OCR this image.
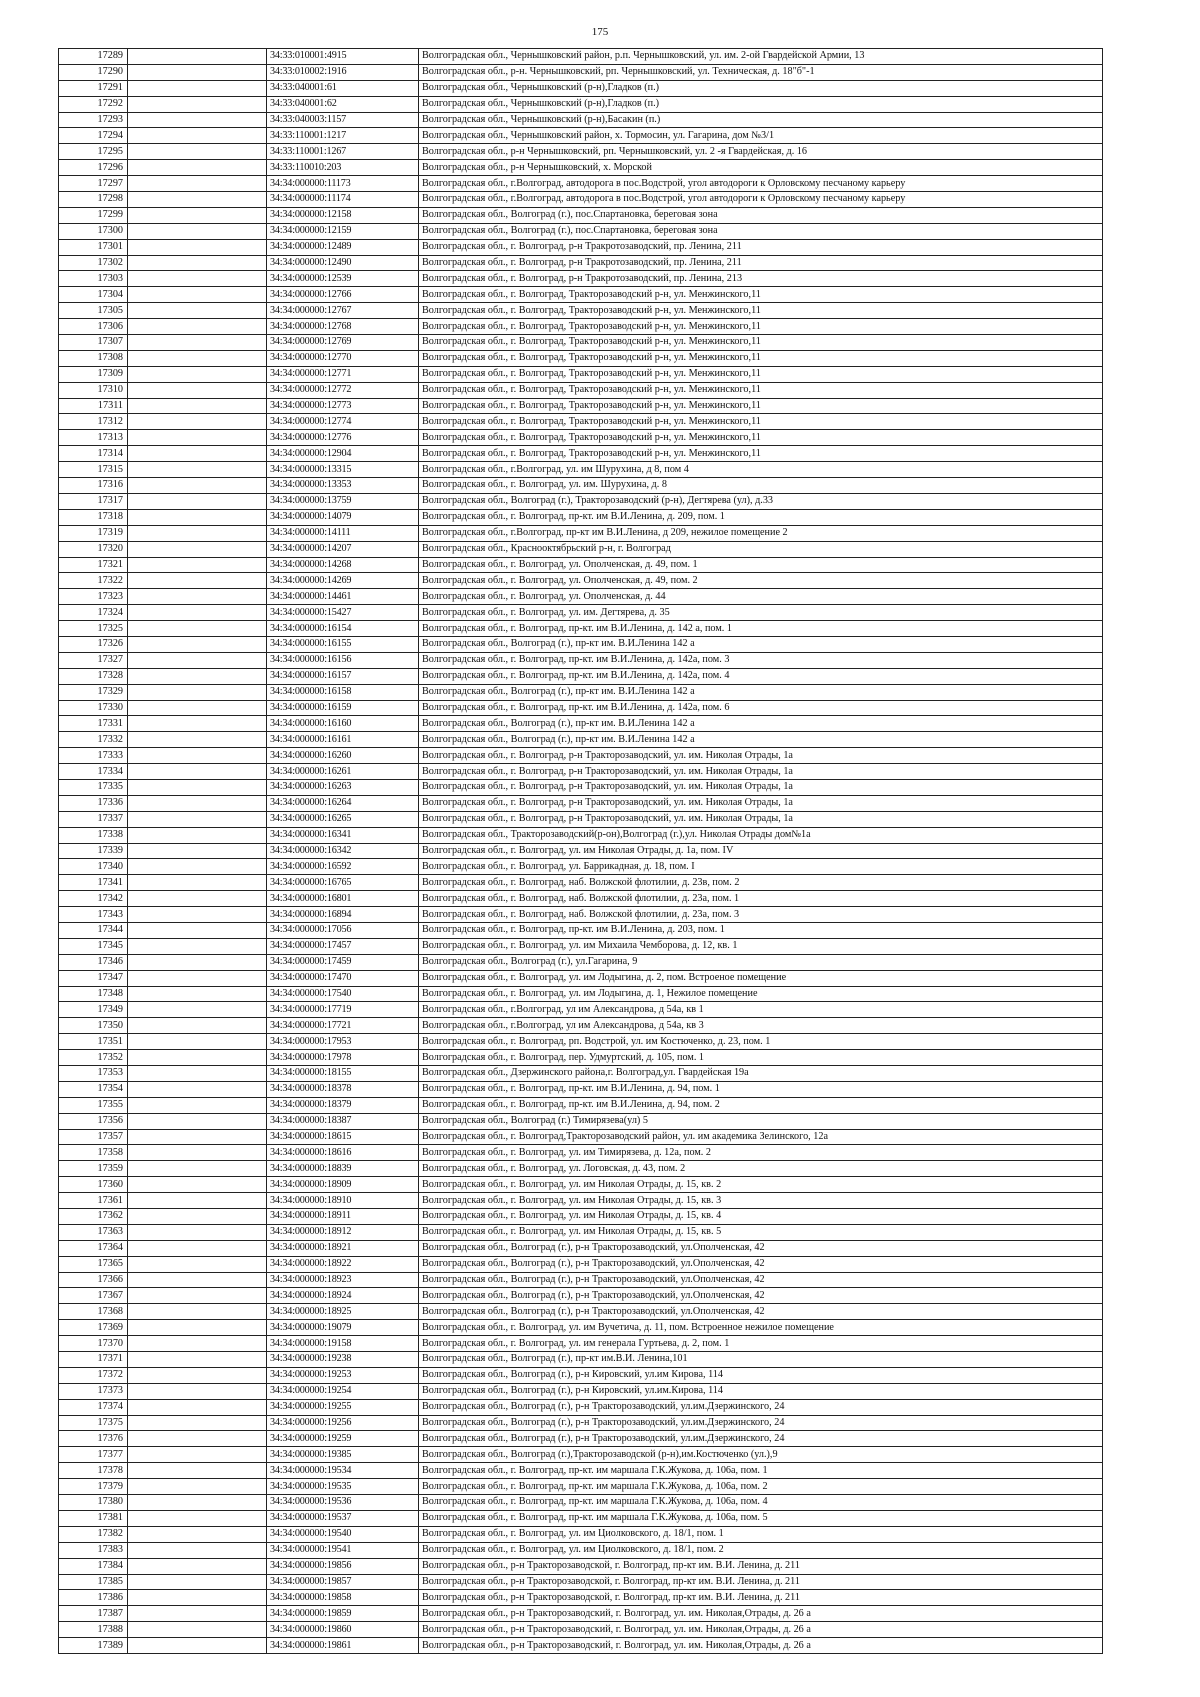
175
17289		34:33:010001:4915	Волгоградская обл., Чернышковский район, р.п. Чернышковский, ул. им. 2-ой Гвардейской Армии, 13
17290		34:33:010002:1916	Волгоградская обл., р-н. Чернышковский, рп. Чернышковский, ул. Техническая, д. 18"б"-1
17291		34:33:040001:61	Волгоградская обл., Чернышковский (р-н),Гладков (п.)
17292		34:33:040001:62	Волгоградская обл., Чернышковский (р-н),Гладков (п.)
17293		34:33:040003:1157	Волгоградская обл., Чернышковский (р-н),Басакин (п.)
17294		34:33:110001:1217	Волгоградская обл., Чернышковский район, х. Тормосин, ул. Гагарина, дом №3/1
17295		34:33:110001:1267	Волгоградская обл., р-н Чернышковский, рп. Чернышковский, ул. 2 -я Гвардейская, д. 16
17296		34:33:110010:203	Волгоградская обл., р-н Чернышковский, х. Морской
17297		34:34:000000:11173	Волгоградская обл., г.Волгоград, автодорога в пос.Водстрой, угол автодороги к Орловскому песчаному карьеру
17298		34:34:000000:11174	Волгоградская обл., г.Волгоград, автодорога в пос.Водстрой, угол автодороги к Орловскому песчаному карьеру
17299		34:34:000000:12158	Волгоградская обл., Волгоград (г.), пос.Спартановка, береговая зона
17300		34:34:000000:12159	Волгоградская обл., Волгоград (г.), пос.Спартановка, береговая зона
17301		34:34:000000:12489	Волгоградская обл., г. Волгоград, р-н Тракротозаводский, пр. Ленина, 211
17302		34:34:000000:12490	Волгоградская обл., г. Волгоград, р-н Тракротозаводский, пр. Ленина, 211
17303		34:34:000000:12539	Волгоградская обл., г. Волгоград, р-н Тракротозаводский, пр. Ленина, 213
17304		34:34:000000:12766	Волгоградская обл., г. Волгоград, Тракторозаводский р-н, ул. Менжинского,11
17305		34:34:000000:12767	Волгоградская обл., г. Волгоград, Тракторозаводский р-н, ул. Менжинского,11
17306		34:34:000000:12768	Волгоградская обл., г. Волгоград, Тракторозаводский р-н, ул. Менжинского,11
17307		34:34:000000:12769	Волгоградская обл., г. Волгоград, Тракторозаводский р-н, ул. Менжинского,11
17308		34:34:000000:12770	Волгоградская обл., г. Волгоград, Тракторозаводский р-н, ул. Менжинского,11
17309		34:34:000000:12771	Волгоградская обл., г. Волгоград, Тракторозаводский р-н, ул. Менжинского,11
17310		34:34:000000:12772	Волгоградская обл., г. Волгоград, Тракторозаводский р-н, ул. Менжинского,11
17311		34:34:000000:12773	Волгоградская обл., г. Волгоград, Тракторозаводский р-н, ул. Менжинского,11
17312		34:34:000000:12774	Волгоградская обл., г. Волгоград, Тракторозаводский р-н, ул. Менжинского,11
17313		34:34:000000:12776	Волгоградская обл., г. Волгоград, Тракторозаводский р-н, ул. Менжинского,11
17314		34:34:000000:12904	Волгоградская обл., г. Волгоград, Тракторозаводский р-н, ул. Менжинского,11
17315		34:34:000000:13315	Волгоградская обл., г.Волгоград, ул. им Шурухина, д 8, пом 4
17316		34:34:000000:13353	Волгоградская обл., г. Волгоград, ул. им. Шурухина, д. 8
17317		34:34:000000:13759	Волгоградская обл., Волгоград (г.), Тракторозаводский (р-н), Дегтярева (ул), д.33
17318		34:34:000000:14079	Волгоградская обл., г. Волгоград, пр-кт. им В.И.Ленина, д. 209, пом. 1
17319		34:34:000000:14111	Волгоградская обл., г.Волгоград, пр-кт им В.И.Ленина, д 209, нежилое помещение 2
17320		34:34:000000:14207	Волгоградская обл., Краснооктябрьский р-н, г. Волгоград
17321		34:34:000000:14268	Волгоградская обл., г. Волгоград, ул. Ополченская, д. 49, пом. 1
17322		34:34:000000:14269	Волгоградская обл., г. Волгоград, ул. Ополченская, д. 49, пом. 2
17323		34:34:000000:14461	Волгоградская обл., г. Волгоград, ул. Ополченская, д. 44
17324		34:34:000000:15427	Волгоградская обл., г. Волгоград, ул. им. Дегтярева, д. 35
17325		34:34:000000:16154	Волгоградская обл., г. Волгоград, пр-кт. им В.И.Ленина, д. 142 а, пом. 1
17326		34:34:000000:16155	Волгоградская обл., Волгоград (г.), пр-кт им. В.И.Ленина 142 а
17327		34:34:000000:16156	Волгоградская обл., г. Волгоград, пр-кт. им В.И.Ленина, д. 142а, пом. 3
17328		34:34:000000:16157	Волгоградская обл., г. Волгоград, пр-кт. им В.И.Ленина, д. 142а, пом. 4
17329		34:34:000000:16158	Волгоградская обл., Волгоград (г.), пр-кт им. В.И.Ленина 142 а
17330		34:34:000000:16159	Волгоградская обл., г. Волгоград, пр-кт. им В.И.Ленина, д. 142а, пом. 6
17331		34:34:000000:16160	Волгоградская обл., Волгоград (г.), пр-кт им. В.И.Ленина 142 а
17332		34:34:000000:16161	Волгоградская обл., Волгоград (г.), пр-кт им. В.И.Ленина 142 а
17333		34:34:000000:16260	Волгоградская обл., г. Волгоград, р-н Тракторозаводский, ул. им. Николая Отрады, 1а
17334		34:34:000000:16261	Волгоградская обл., г. Волгоград, р-н Тракторозаводский, ул. им. Николая Отрады, 1а
17335		34:34:000000:16263	Волгоградская обл., г. Волгоград, р-н Тракторозаводский, ул. им. Николая Отрады, 1а
17336		34:34:000000:16264	Волгоградская обл., г. Волгоград, р-н Тракторозаводский, ул. им. Николая Отрады, 1а
17337		34:34:000000:16265	Волгоградская обл., г. Волгоград, р-н Тракторозаводский, ул. им. Николая Отрады, 1а
17338		34:34:000000:16341	Волгоградская обл., Тракторозаводский(р-он),Волгоград (г.),ул. Николая Отрады дом№1а
17339		34:34:000000:16342	Волгоградская обл., г. Волгоград, ул. им Николая Отрады, д. 1а, пом. IV
17340		34:34:000000:16592	Волгоградская обл., г. Волгоград, ул. Баррикадная, д. 18, пом. I
17341		34:34:000000:16765	Волгоградская обл., г. Волгоград, наб. Волжской флотилии, д. 23в, пом. 2
17342		34:34:000000:16801	Волгоградская обл., г. Волгоград, наб. Волжской флотилии, д. 23а, пом. 1
17343		34:34:000000:16894	Волгоградская обл., г. Волгоград, наб. Волжской флотилии, д. 23а, пом. 3
17344		34:34:000000:17056	Волгоградская обл., г. Волгоград, пр-кт. им В.И.Ленина, д. 203, пом. 1
17345		34:34:000000:17457	Волгоградская обл., г. Волгоград, ул. им Михаила Чемборова, д. 12, кв. 1
17346		34:34:000000:17459	Волгоградская обл., Волгоград (г.), ул.Гагарина, 9
17347		34:34:000000:17470	Волгоградская обл., г. Волгоград, ул. им Лодыгина, д. 2, пом. Встроеное помещение
17348		34:34:000000:17540	Волгоградская обл., г. Волгоград, ул. им Лодыгина, д. 1, Нежилое помещение
17349		34:34:000000:17719	Волгоградская обл., г.Волгоград, ул им Александрова, д 54а, кв 1
17350		34:34:000000:17721	Волгоградская обл., г.Волгоград, ул им Александрова, д 54а, кв 3
17351		34:34:000000:17953	Волгоградская обл., г. Волгоград, рп. Водстрой, ул. им Костюченко, д. 23, пом. 1
17352		34:34:000000:17978	Волгоградская обл., г. Волгоград, пер. Удмуртский, д. 105, пом. 1
17353		34:34:000000:18155	Волгоградская обл., Дзержинского района,г. Волгоград,ул. Гвардейская 19а
17354		34:34:000000:18378	Волгоградская обл., г. Волгоград, пр-кт. им В.И.Ленина, д. 94, пом. 1
17355		34:34:000000:18379	Волгоградская обл., г. Волгоград, пр-кт. им В.И.Ленина, д. 94, пом. 2
17356		34:34:000000:18387	Волгоградская обл., Волгоград (г.) Тимирязева(ул) 5
17357		34:34:000000:18615	Волгоградская обл., г. Волгоград,Тракторозаводский район, ул. им академика Зелинского, 12а
17358		34:34:000000:18616	Волгоградская обл., г. Волгоград, ул. им Тимирязева, д. 12а, пом. 2
17359		34:34:000000:18839	Волгоградская обл., г. Волгоград, ул. Логовская, д. 43, пом. 2
17360		34:34:000000:18909	Волгоградская обл., г. Волгоград, ул. им Николая Отрады, д. 15, кв. 2
17361		34:34:000000:18910	Волгоградская обл., г. Волгоград, ул. им Николая Отрады, д. 15, кв. 3
17362		34:34:000000:18911	Волгоградская обл., г. Волгоград, ул. им Николая Отрады, д. 15, кв. 4
17363		34:34:000000:18912	Волгоградская обл., г. Волгоград, ул. им Николая Отрады, д. 15, кв. 5
17364		34:34:000000:18921	Волгоградская обл., Волгоград (г.), р-н Тракторозаводский, ул.Ополченская, 42
17365		34:34:000000:18922	Волгоградская обл., Волгоград (г.), р-н Тракторозаводский, ул.Ополченская, 42
17366		34:34:000000:18923	Волгоградская обл., Волгоград (г.), р-н Тракторозаводский, ул.Ополченская, 42
17367		34:34:000000:18924	Волгоградская обл., Волгоград (г.), р-н Тракторозаводский, ул.Ополченская, 42
17368		34:34:000000:18925	Волгоградская обл., Волгоград (г.), р-н Тракторозаводский, ул.Ополченская, 42
17369		34:34:000000:19079	Волгоградская обл., г. Волгоград, ул. им Вучетича, д. 11, пом. Встроенное нежилое помещение
17370		34:34:000000:19158	Волгоградская обл., г. Волгоград, ул. им генерала Гуртьева, д. 2, пом. 1
17371		34:34:000000:19238	Волгоградская обл., Волгоград (г.), пр-кт им.В.И. Ленина,101
17372		34:34:000000:19253	Волгоградская обл., Волгоград (г.), р-н Кировский, ул.им Кирова, 114
17373		34:34:000000:19254	Волгоградская обл., Волгоград (г.), р-н Кировский, ул.им.Кирова, 114
17374		34:34:000000:19255	Волгоградская обл., Волгоград (г.), р-н Тракторозаводский, ул.им.Дзержинского, 24
17375		34:34:000000:19256	Волгоградская обл., Волгоград (г.), р-н Тракторозаводский, ул.им.Дзержинского, 24
17376		34:34:000000:19259	Волгоградская обл., Волгоград (г.), р-н Тракторозаводский, ул.им.Дзержинского, 24
17377		34:34:000000:19385	Волгоградская обл., Волгоград (г.),Тракторозаводской (р-н),им.Костюченко (ул.),9
17378		34:34:000000:19534	Волгоградская обл., г. Волгоград, пр-кт. им маршала Г.К.Жукова, д. 106а, пом. 1
17379		34:34:000000:19535	Волгоградская обл., г. Волгоград, пр-кт. им маршала Г.К.Жукова, д. 106а, пом. 2
17380		34:34:000000:19536	Волгоградская обл., г. Волгоград, пр-кт. им маршала Г.К.Жукова, д. 106а, пом. 4
17381		34:34:000000:19537	Волгоградская обл., г. Волгоград, пр-кт. им маршала Г.К.Жукова, д. 106а, пом. 5
17382		34:34:000000:19540	Волгоградская обл., г. Волгоград, ул. им Циолковского, д. 18/1, пом. 1
17383		34:34:000000:19541	Волгоградская обл., г. Волгоград, ул. им Циолковского, д. 18/1, пом. 2
17384		34:34:000000:19856	Волгоградская обл., р-н Тракторозаводской, г. Волгоград, пр-кт им. В.И. Ленина, д. 211
17385		34:34:000000:19857	Волгоградская обл., р-н Тракторозаводской, г. Волгоград, пр-кт им. В.И. Ленина, д. 211
17386		34:34:000000:19858	Волгоградская обл., р-н Тракторозаводской, г. Волгоград, пр-кт им. В.И. Ленина, д. 211
17387		34:34:000000:19859	Волгоградская обл., р-н Тракторозаводский, г. Волгоград, ул. им. Николая,Отрады, д. 26 а
17388		34:34:000000:19860	Волгоградская обл., р-н Тракторозаводский, г. Волгоград, ул. им. Николая,Отрады, д. 26 а
17389		34:34:000000:19861	Волгоградская обл., р-н Тракторозаводский, г. Волгоград, ул. им. Николая,Отрады, д. 26 а
